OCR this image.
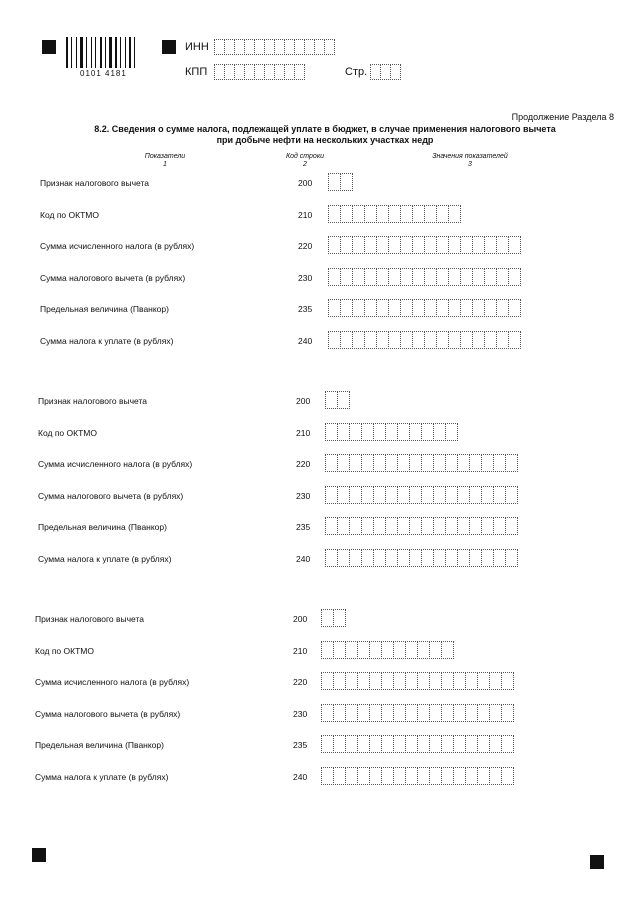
0101 4181
ИНН
КПП	Стр.
Продолжение Раздела 8
8.2. Сведения о сумме налога, подлежащей уплате в бюджет, в случае применения налогового вычета
при добыче нефти на нескольких участках недр
Показатели
1
Код строки
2
Значения показателей
3
Признак налогового вычета	200
Код по ОКТМО	210
Сумма исчисленного налога (в рублях)	220
Сумма налогового вычета (в рублях)	230
Предельная величина (Пванкор)	235
Сумма налога к уплате (в рублях)	240
Признак налогового вычета	200
Код по ОКТМО	210
Сумма исчисленного налога (в рублях)	220
Сумма налогового вычета (в рублях)	230
Предельная величина (Пванкор)	235
Сумма налога к уплате (в рублях)	240
Признак налогового вычета	200
Код по ОКТМО	210
Сумма исчисленного налога (в рублях)	220
Сумма налогового вычета (в рублях)	230
Предельная величина (Пванкор)	235
Сумма налога к уплате (в рублях)	240
